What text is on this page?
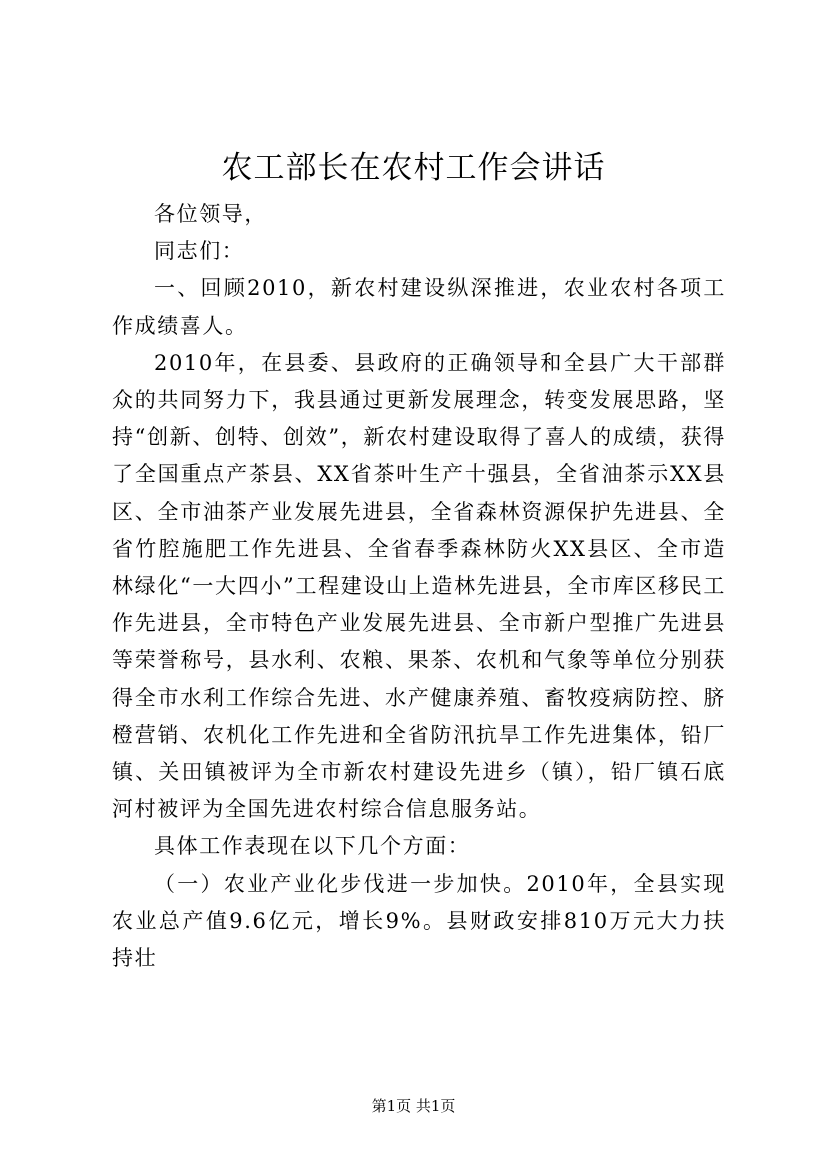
农工部长在农村工作会讲话

各位领导，

同志们：

一、回顾2010，新农村建设纵深推进，农业农村各项工作成绩喜人。

2010年，在县委、县政府的正确领导和全县广大干部群众的共同努力下，我县通过更新发展理念，转变发展思路，坚持“创新、创特、创效”，新农村建设取得了喜人的成绩，获得了全国重点产茶县、XX省茶叶生产十强县，全省油茶示XX县区、全市油茶产业发展先进县，全省森林资源保护先进县、全省竹腔施肥工作先进县、全省春季森林防火XX县区、全市造林绿化“一大四小”工程建设山上造林先进县，全市库区移民工作先进县，全市特色产业发展先进县、全市新户型推广先进县等荣誉称号，县水利、农粮、果茶、农机和气象等单位分别获得全市水利工作综合先进、水产健康养殖、畜牧疫病防控、脐橙营销、农机化工作先进和全省防汛抗旱工作先进集体，铅厂镇、关田镇被评为全市新农村建设先进乡（镇），铅厂镇石底河村被评为全国先进农村综合信息服务站。

具体工作表现在以下几个方面：

（一）农业产业化步伐进一步加快。2010年，全县实现农业总产值9.6亿元，增长9%。县财政安排810万元大力扶持壮

第1页 共1页
